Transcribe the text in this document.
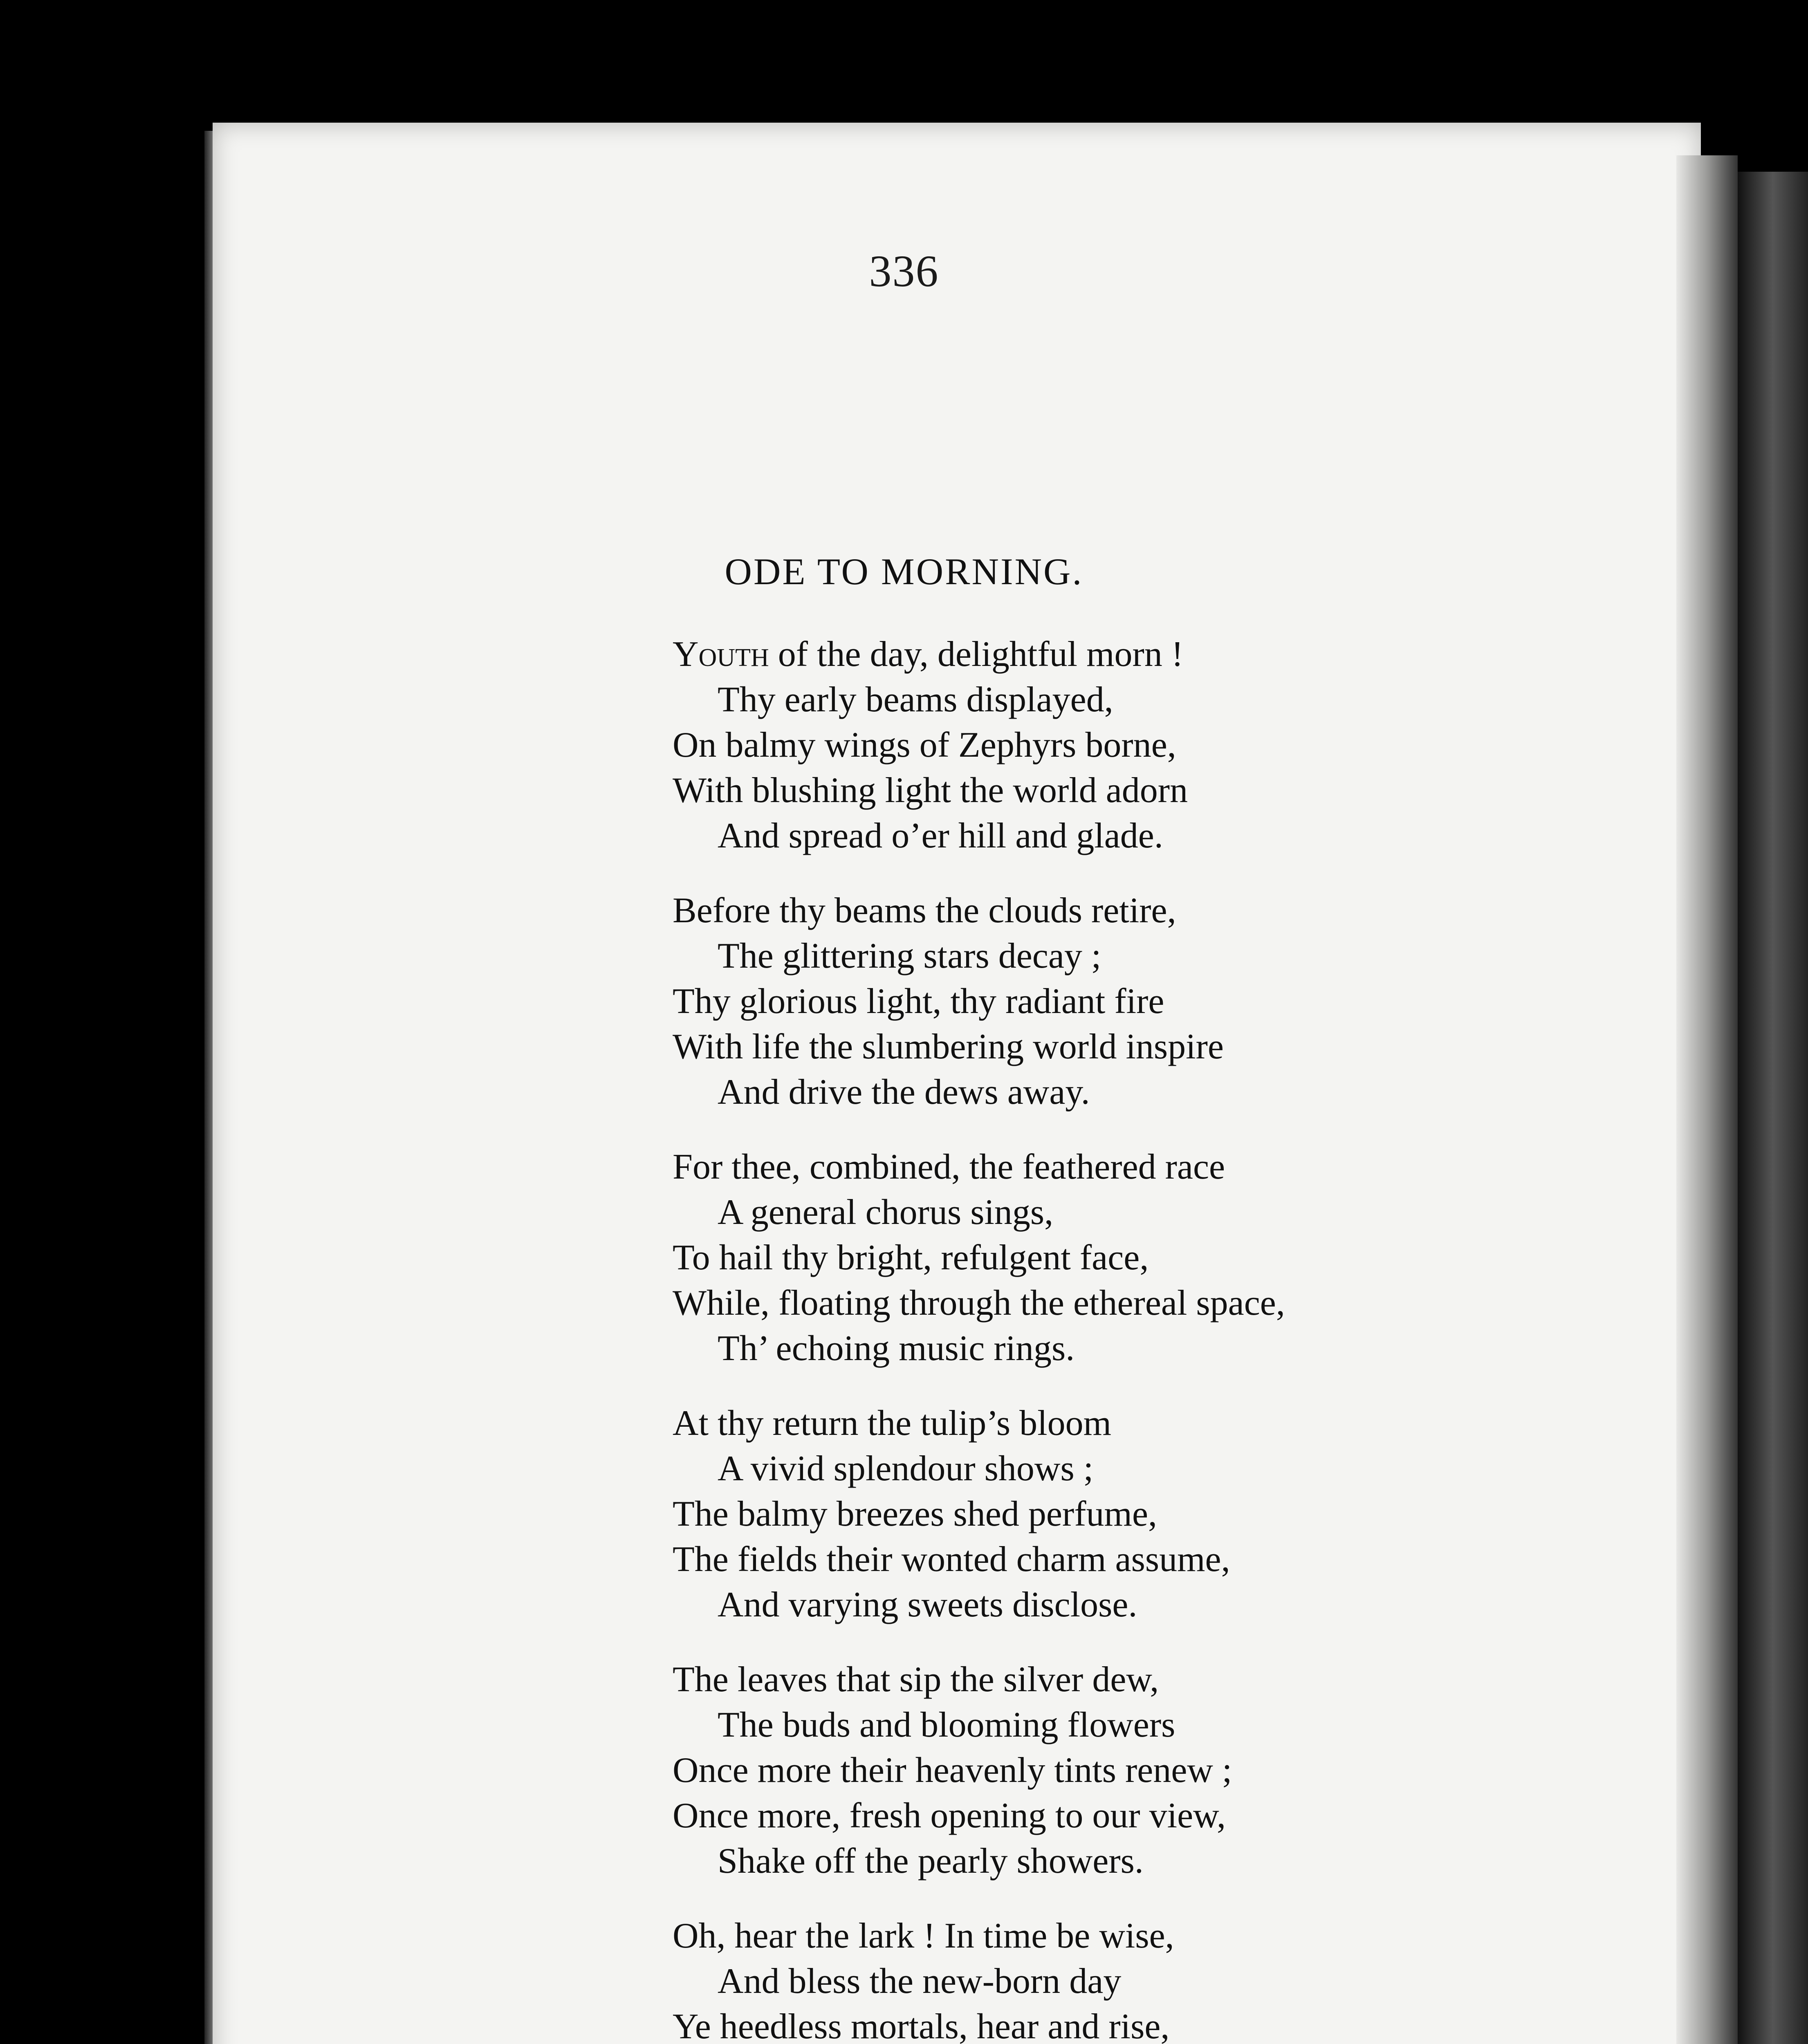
336
ODE TO MORNING.
Youth of the day, delightful morn !
Thy early beams displayed,
On balmy wings of Zephyrs borne,
With blushing light the world adorn
And spread o’er hill and glade.
Before thy beams the clouds retire,
The glittering stars decay ;
Thy glorious light, thy radiant fire
With life the slumbering world inspire
And drive the dews away.
For thee, combined, the feathered race
A general chorus sings,
To hail thy bright, refulgent face,
While, floating through the ethereal space,
Th’ echoing music rings.
At thy return the tulip’s bloom
A vivid splendour shows ;
The balmy breezes shed perfume,
The fields their wonted charm assume,
And varying sweets disclose.
The leaves that sip the silver dew,
The buds and blooming flowers
Once more their heavenly tints renew ;
Once more, fresh opening to our view,
Shake off the pearly showers.
Oh, hear the lark ! In time be wise,
And bless the new-born day
Ye heedless mortals, hear and rise,
